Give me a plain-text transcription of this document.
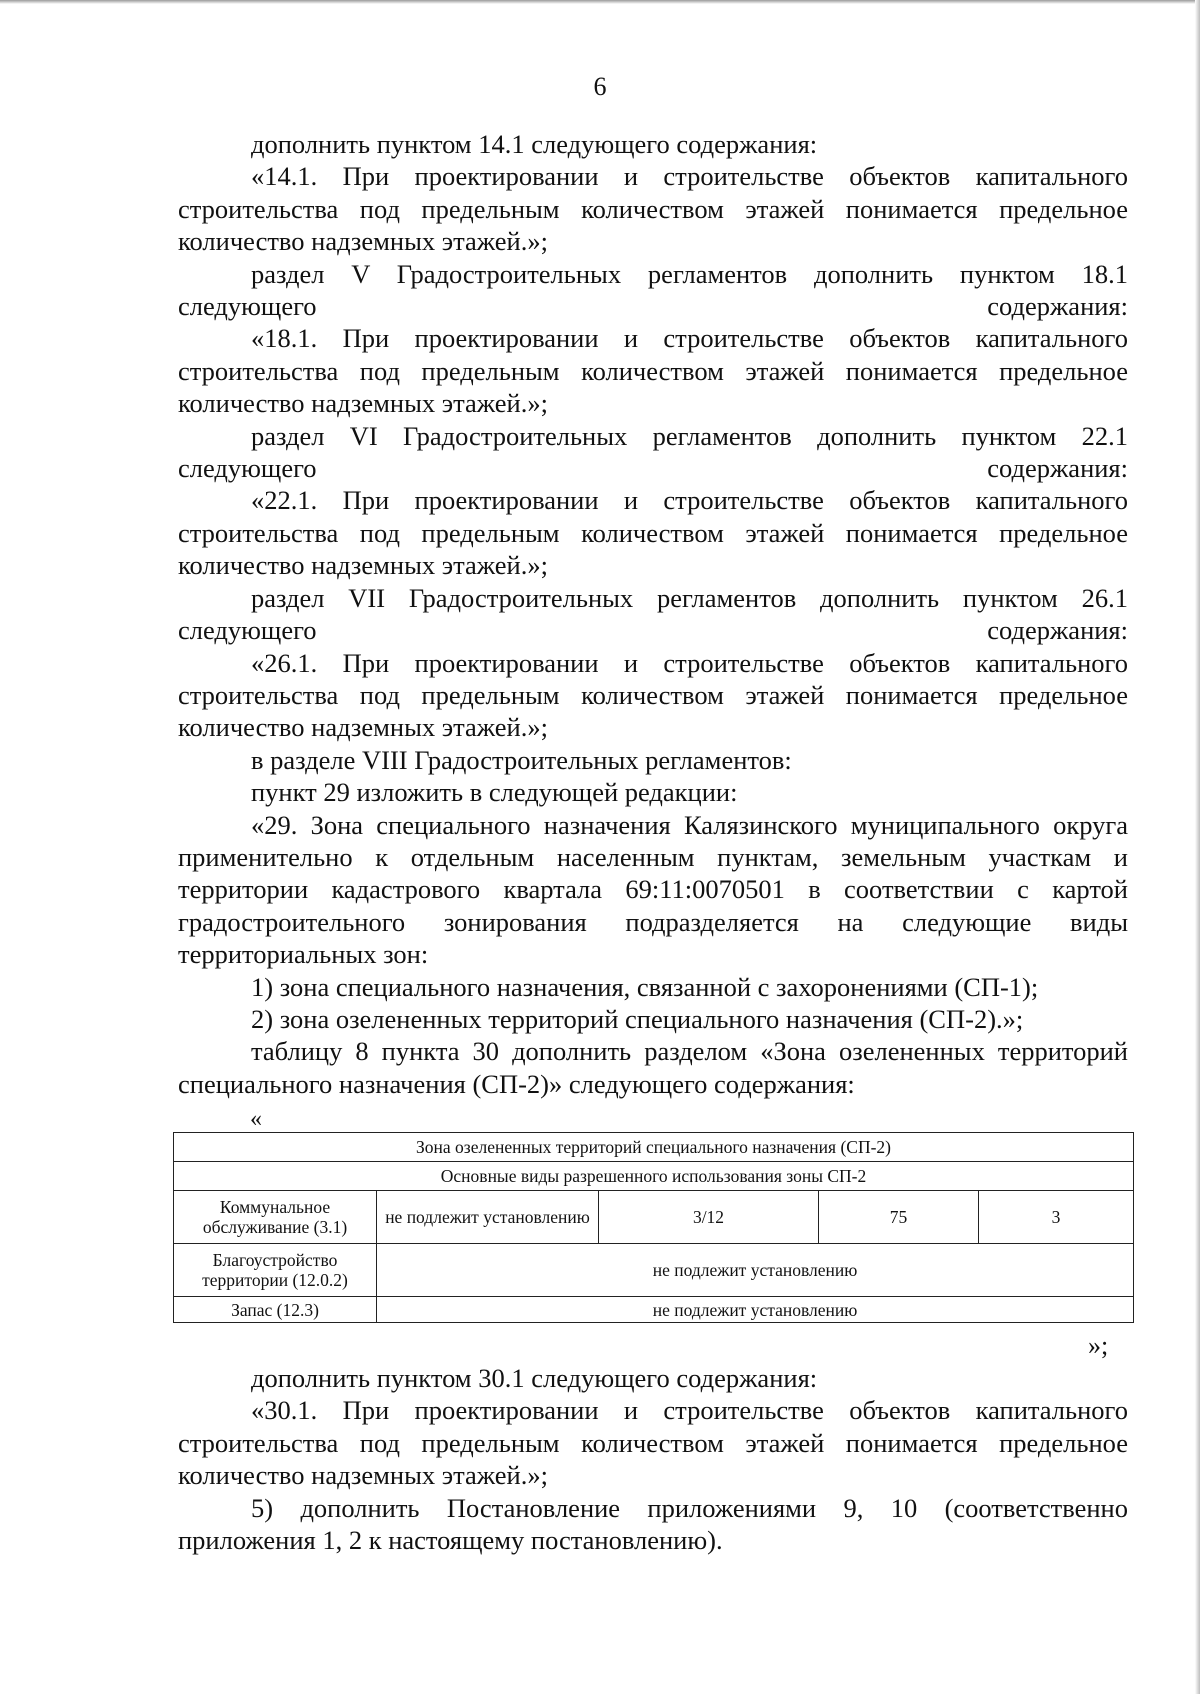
6

дополнить пунктом 14.1 следующего содержания:

«14.1. При проектировании и строительстве объектов капитального строительства под предельным количеством этажей понимается предельное количество надземных этажей.»;

раздел V Градостроительных регламентов дополнить пунктом 18.1 следующего содержания:

«18.1. При проектировании и строительстве объектов капитального строительства под предельным количеством этажей понимается предельное количество надземных этажей.»;

раздел VI Градостроительных регламентов дополнить пунктом 22.1 следующего содержания:

«22.1. При проектировании и строительстве объектов капитального строительства под предельным количеством этажей понимается предельное количество надземных этажей.»;

раздел VII Градостроительных регламентов дополнить пунктом 26.1 следующего содержания:

«26.1. При проектировании и строительстве объектов капитального строительства под предельным количеством этажей понимается предельное количество надземных этажей.»;

в разделе VIII Градостроительных регламентов:

пункт 29 изложить в следующей редакции:

«29. Зона специального назначения Калязинского муниципального округа применительно к отдельным населенным пунктам, земельным участкам и территории кадастрового квартала 69:11:0070501 в соответствии с картой градостроительного зонирования подразделяется на следующие виды территориальных зон:

1) зона специального назначения, связанной с захоронениями (СП-1);

2) зона озелененных территорий специального назначения (СП-2).»;

таблицу 8 пункта 30 дополнить разделом «Зона озелененных территорий специального назначения (СП-2)» следующего содержания:

«
Зона озелененных территорий специального назначения (СП-2)				
Основные виды разрешенного использования зоны СП-2				
Коммунальное обслуживание (3.1)	не подлежит установлению	3/12	75	3
Благоустройство территории (12.0.2)	не подлежит установлению			
Запас (12.3)	не подлежит установлению			
»;

дополнить пунктом 30.1 следующего содержания:

«30.1. При проектировании и строительстве объектов капитального строительства под предельным количеством этажей понимается предельное количество надземных этажей.»;

5) дополнить Постановление приложениями 9, 10 (соответственно приложения 1, 2 к настоящему постановлению).
